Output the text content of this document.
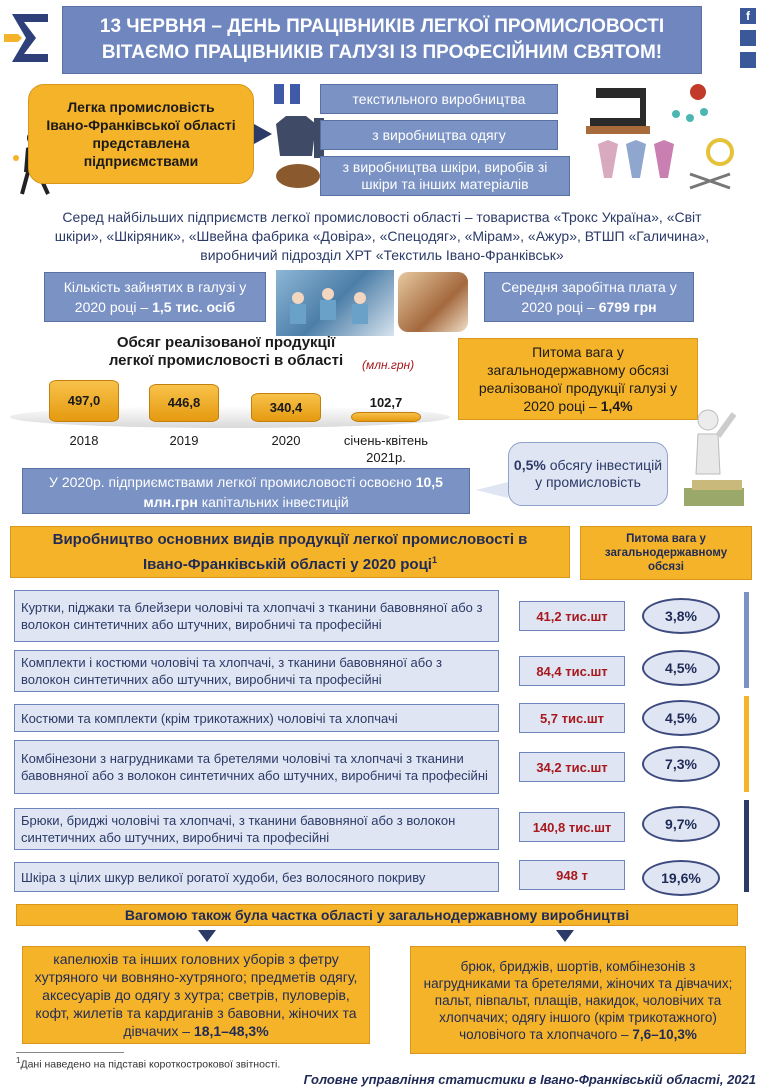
13 ЧЕРВНЯ – ДЕНЬ ПРАЦІВНИКІВ ЛЕГКОЇ ПРОМИСЛОВОСТІ
ВІТАЄМО ПРАЦІВНИКІВ ГАЛУЗІ ІЗ ПРОФЕСІЙНИМ СВЯТОМ!
f
Легка промисловість Івано-Франківської області представлена підприємствами
текстильного виробництва
з виробництва одягу
з виробництва шкіри, виробів зі шкіри та інших матеріалів
Серед найбільших підприємств легкої промисловості області – товариства «Трокс Україна», «Світ шкіри», «Шкіряник», «Швейна фабрика «Довіра», «Спецодяг», «Мірам», «Ажур», ВТШП «Галичина», виробничий підрозділ ХРТ «Текстиль Івано-Франківськ»
Кількість зайнятих в галузі у 2020 році – 1,5 тис. осіб
Середня заробітна плата у 2020 році – 6799 грн
Обсяг реалізованої продукції легкої промисловості в області	(млн.грн)
497,0
2018
446,8
2019
340,4
2020
102,7
січень-квітень 2021р.
Питома вага у загальнодержавному обсязі реалізованої продукції галузі у 2020 році – 1,4%
0,5% обсягу інвестицій у промисловість
У 2020р. підприємствами легкої промисловості освоєно 10,5 млн.грн капітальних інвестицій
Виробництво основних видів продукції легкої промисловості в Івано-Франківській області у 2020 році$^1$
Питома вага у загальнодержавному обсязі
Куртки, піджаки та блейзери чоловічі та хлопчачі з тканини бавовняної або з волокон синтетичних або штучних, виробничі та професійні
41,2 тис.шт	3,8%
Комплекти і костюми чоловічі та хлопчачі, з тканини бавовняної або з волокон синтетичних або штучних, виробничі та професійні
84,4 тис.шт	4,5%
Костюми та комплекти (крім трикотажних) чоловічі та хлопчачі	5,7 тис.шт	4,5%
Комбінезони з нагрудниками та бретелями чоловічі та хлопчачі з тканини бавовняної або з волокон синтетичних або штучних, виробничі та професійні
34,2 тис.шт	7,3%
Брюки, бриджі чоловічі та хлопчачі, з тканини бавовняної або з волокон синтетичних або штучних, виробничі та професійні
140,8 тис.шт	9,7%
Шкіра з цілих шкур великої рогатої худоби, без волосяного покриву	948 т	19,6%
Вагомою також була частка області у загальнодержавному виробництві
капелюхів та інших головних уборів з фетру хутряного чи вовняно-хутряного; предметів одягу, аксесуарів до одягу з хутра; светрів, пуловерів, кофт, жилетів та кардиганів з бавовни, жіночих та дівчачих – 18,1–48,3%
брюк, бриджів, шортів, комбінезонів з нагрудниками та бретелями, жіночих та дівчачих; пальт, півпальт, плащів, накидок, чоловічих та хлопчачих; одягу іншого (крім трикотажного) чоловічого та хлопчачого – 7,6–10,3%
$^1$Дані наведено на підставі короткострокової звітності.
Головне управління статистики в Івано-Франківській області, 2021
